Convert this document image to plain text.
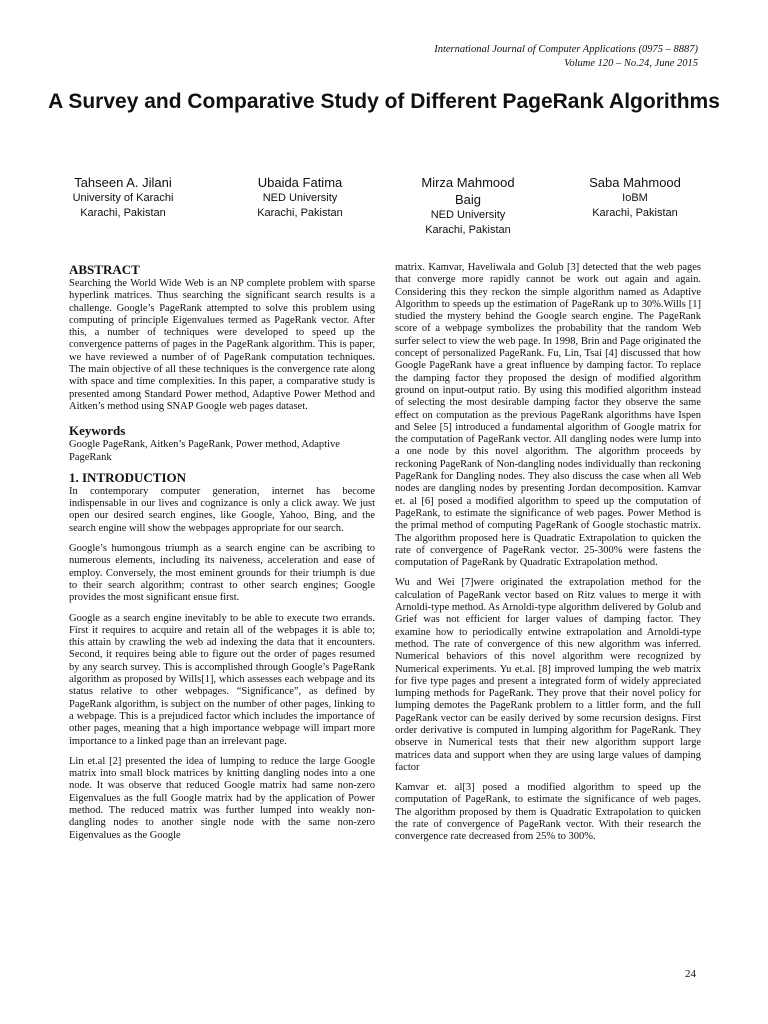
International Journal of Computer Applications (0975 – 8887)
Volume 120 – No.24, June 2015
A Survey and Comparative Study of Different PageRank Algorithms
Tahseen A. Jilani
University of Karachi
Karachi, Pakistan
Ubaida Fatima
NED University
Karachi, Pakistan
Mirza Mahmood Baig
NED University
Karachi, Pakistan
Saba Mahmood
IoBM
Karachi, Pakistan
ABSTRACT

Searching the World Wide Web is an NP complete problem with sparse hyperlink matrices. Thus searching the significant search results is a challenge. Google’s PageRank attempted to solve this problem using computing of principle Eigenvalues termed as PageRank vector. After this, a number of techniques were developed to speed up the convergence patterns of pages in the PageRank algorithm. This is paper, we have reviewed a number of of PageRank computation techniques. The main objective of all these techniques is the convergence rate along with space and time complexities. In this paper, a comparative study is presented among Standard Power method, Adaptive Power Method and Aitken’s method using SNAP Google web pages dataset.

Keywords

Google PageRank, Aitken’s PageRank, Power method, Adaptive PageRank

1. INTRODUCTION

In contemporary computer generation, internet has become indispensable in our lives and cognizance is only a click away. We just open our desired search engines, like Google, Yahoo, Bing, and the search engine will show the webpages appropriate for our search.

Google’s humongous triumph as a search engine can be ascribing to numerous elements, including its naiveness, acceleration and ease of employ. Conversely, the most eminent grounds for their triumph is due to their search algorithm; contrast to other search engines; Google provides the most significant ensue first.

Google as a search engine inevitably to be able to execute two errands. First it requires to acquire and retain all of the webpages it is able to; this attain by crawling the web ad indexing the data that it encounters. Second, it requires being able to figure out the order of pages resumed by any search survey. This is accomplished through Google’s PageRank algorithm as proposed by Wills[1], which assesses each webpage and its status relative to other webpages. “Significance”, as defined by PageRank algorithm, is subject on the number of other pages, linking to a webpage. This is a prejudiced factor which includes the importance of other pages, meaning that a high importance webpage will impart more importance to a linked page than an irrelevant page.

Lin et.al [2] presented the idea of lumping to reduce the large Google matrix into small block matrices by knitting dangling nodes into a one node. It was observe that reduced Google matrix had same non-zero Eigenvalues as the full Google matrix had by the application of Power method. The reduced matrix was further lumped into weakly non-dangling nodes to another single node with the same non-zero Eigenvalues as the Google

matrix. Kamvar, Haveliwala and Golub [3] detected that the web pages that converge more rapidly cannot be work out again and again. Considering this they reckon the simple algorithm named as Adaptive Algorithm to speeds up the estimation of PageRank up to 30%.Wills [1] studied the mystery behind the Google search engine. The PageRank score of a webpage symbolizes the probability that the random Web surfer select to view the web page. In 1998, Brin and Page originated the concept of personalized PageRank. Fu, Lin, Tsai [4] discussed that how Google PageRank have a great influence by damping factor. To replace the damping factor they proposed the design of modified algorithm ground on input-output ratio. By using this modified algorithm instead of selecting the most desirable damping factor they observe the same effect on computation as the previous PageRank algorithms have Ispen and Selee [5] introduced a fundamental algorithm of Google matrix for the computation of PageRank vector. All dangling nodes were lump into a one node by this novel algorithm. The algorithm proceeds by reckoning PageRank of Non-dangling nodes individually than reckoning PageRank for Dangling nodes. They also discuss the case when all Web nodes are dangling nodes by presenting Jordan decomposition. Kamvar et. al [6] posed a modified algorithm to speed up the computation of PageRank, to estimate the significance of web pages. Power Method is the primal method of computing PageRank of Google stochastic matrix. The algorithm proposed here is Quadratic Extrapolation to quicken the rate of convergence of PageRank vector. 25-300% were fastens the computation of PageRank by Quadratic Extrapolation method.

Wu and Wei [7]were originated the extrapolation method for the calculation of PageRank vector based on Ritz values to merge it with Arnoldi-type method. As Arnoldi-type algorithm delivered by Golub and Grief was not efficient for larger values of damping factor. They examine how to periodically entwine extrapolation and Arnoldi-type method. The rate of convergence of this new algorithm was inferred. Numerical behaviors of this novel algorithm were recognized by Numerical experiments. Yu et.al. [8] improved lumping the web matrix for five type pages and present a integrated form of widely appreciated lumping methods for PageRank. They prove that their novel policy for lumping demotes the PageRank problem to a littler form, and the full PageRank vector can be easily derived by some recursion designs. First order derivative is computed in lumping algorithm for PageRank. They observe in Numerical tests that their new algorithm support large matrices data and support when they are using large values of damping factor

Kamvar et. al[3] posed a modified algorithm to speed up the computation of PageRank, to estimate the significance of web pages. The algorithm proposed by them is Quadratic Extrapolation to quicken the rate of convergence of PageRank vector. With their research the convergence rate decreased from 25% to 300%.

24
